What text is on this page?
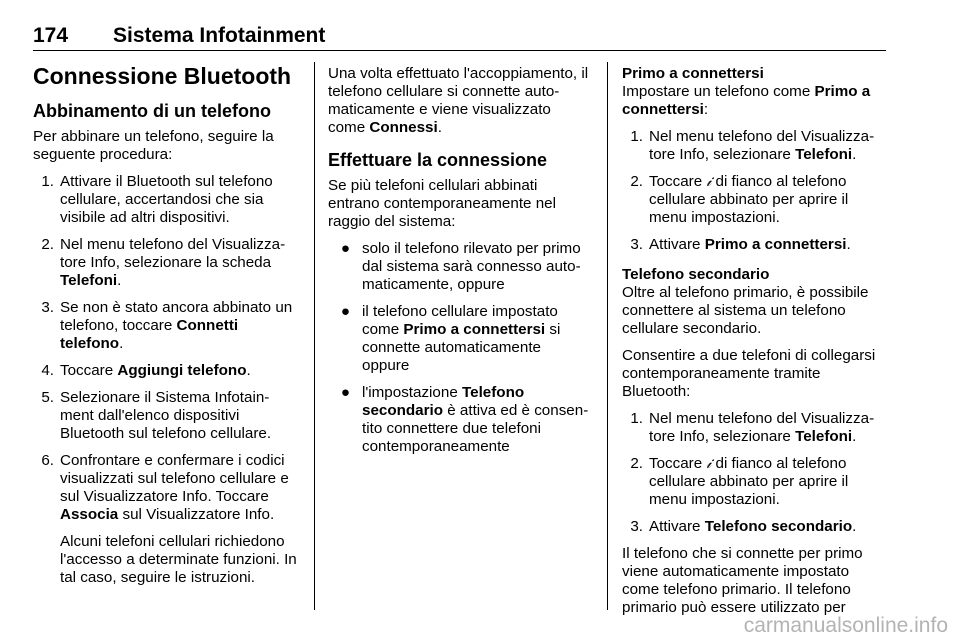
174 Sistema Infotainment
Connessione Bluetooth
Abbinamento di un telefono

Per abbinare un telefono, seguire la seguente procedura:

1. Attivare il Bluetooth sul telefono cellulare, accertandosi che sia visibile ad altri dispositivi.
2. Nel menu telefono del Visualizza-tore Info, selezionare la scheda Telefoni.
3. Se non è stato ancora abbinato un telefono, toccare Connetti telefono.
4. Toccare Aggiungi telefono.
5. Selezionare il Sistema Infotain-ment dall'elenco dispositivi Bluetooth sul telefono cellulare.
6. Confrontare e confermare i codici visualizzati sul telefono cellulare e sul Visualizzatore Info. Toccare Associa sul Visualizzatore Info.

Alcuni telefoni cellulari richiedono l'accesso a determinate funzioni. In tal caso, seguire le istruzioni.

Una volta effettuato l'accoppiamento, il telefono cellulare si connette auto-maticamente e viene visualizzato come Connessi.

Effettuare la connessione

Se più telefoni cellulari abbinati entrano contemporaneamente nel raggio del sistema:

● solo il telefono rilevato per primo dal sistema sarà connesso auto-maticamente, oppure
● il telefono cellulare impostato come Primo a connettersi si connette automaticamente oppure
● l'impostazione Telefono secondario è attiva ed è consen-tito connettere due telefoni contemporaneamente
Primo a connettersi

Impostare un telefono come Primo a connettersi:

1. Nel menu telefono del Visualizza-tore Info, selezionare Telefoni.
2. Toccare 𝒾 di fianco al telefono cellulare abbinato per aprire il menu impostazioni.
3. Attivare Primo a connettersi.
Telefono secondario

Oltre al telefono primario, è possibile connettere al sistema un telefono cellulare secondario.

Consentire a due telefoni di collegarsi contemporaneamente tramite Bluetooth:

1. Nel menu telefono del Visualizza-tore Info, selezionare Telefoni.
2. Toccare 𝒾 di fianco al telefono cellulare abbinato per aprire il menu impostazioni.
3. Attivare Telefono secondario.

Il telefono che si connette per primo viene automaticamente impostato come telefono primario. Il telefono primario può essere utilizzato per

carmanualsonline.info
